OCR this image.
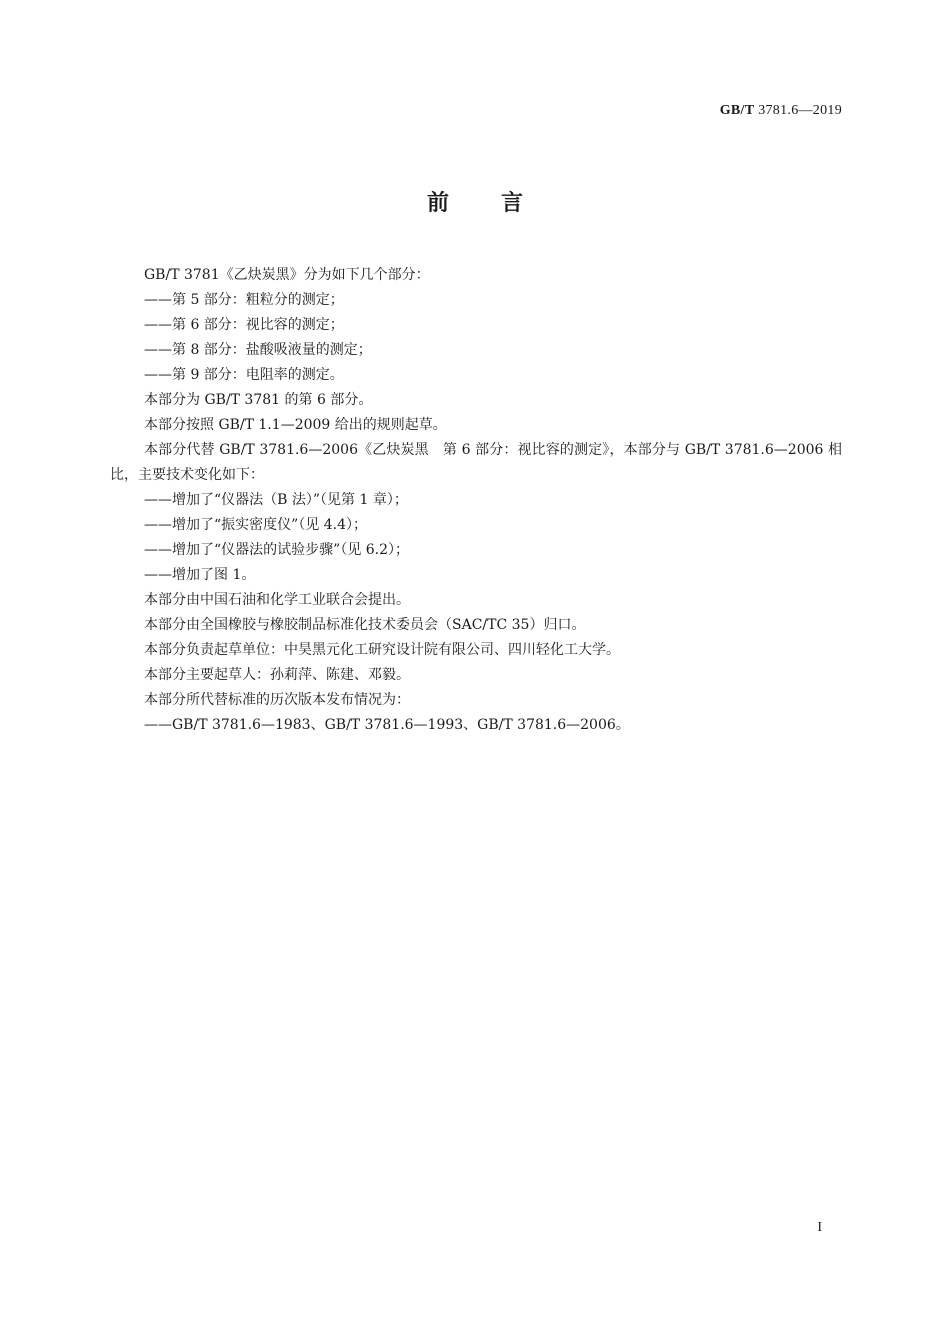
GB/T 3781.6—2019
前言

GB/T 3781《乙炔炭黑》分为如下几个部分：

——第 5 部分：粗粒分的测定；

——第 6 部分：视比容的测定；

——第 8 部分：盐酸吸液量的测定；

——第 9 部分：电阻率的测定。

本部分为 GB/T 3781 的第 6 部分。

本部分按照 GB/T 1.1—2009 给出的规则起草。

本部分代替 GB/T 3781.6—2006《乙炔炭黑　第 6 部分：视比容的测定》，本部分与 GB/T 3781.6—2006 相比，主要技术变化如下：

——增加了“仪器法（B 法）”（见第 1 章）；

——增加了“振实密度仪”（见 4.4）；

——增加了“仪器法的试验步骤”（见 6.2）；

——增加了图 1。

本部分由中国石油和化学工业联合会提出。

本部分由全国橡胶与橡胶制品标准化技术委员会（SAC/TC 35）归口。

本部分负责起草单位：中昊黑元化工研究设计院有限公司、四川轻化工大学。

本部分主要起草人：孙莉萍、陈建、邓毅。

本部分所代替标准的历次版本发布情况为：

——GB/T 3781.6—1983、GB/T 3781.6—1993、GB/T 3781.6—2006。

I
